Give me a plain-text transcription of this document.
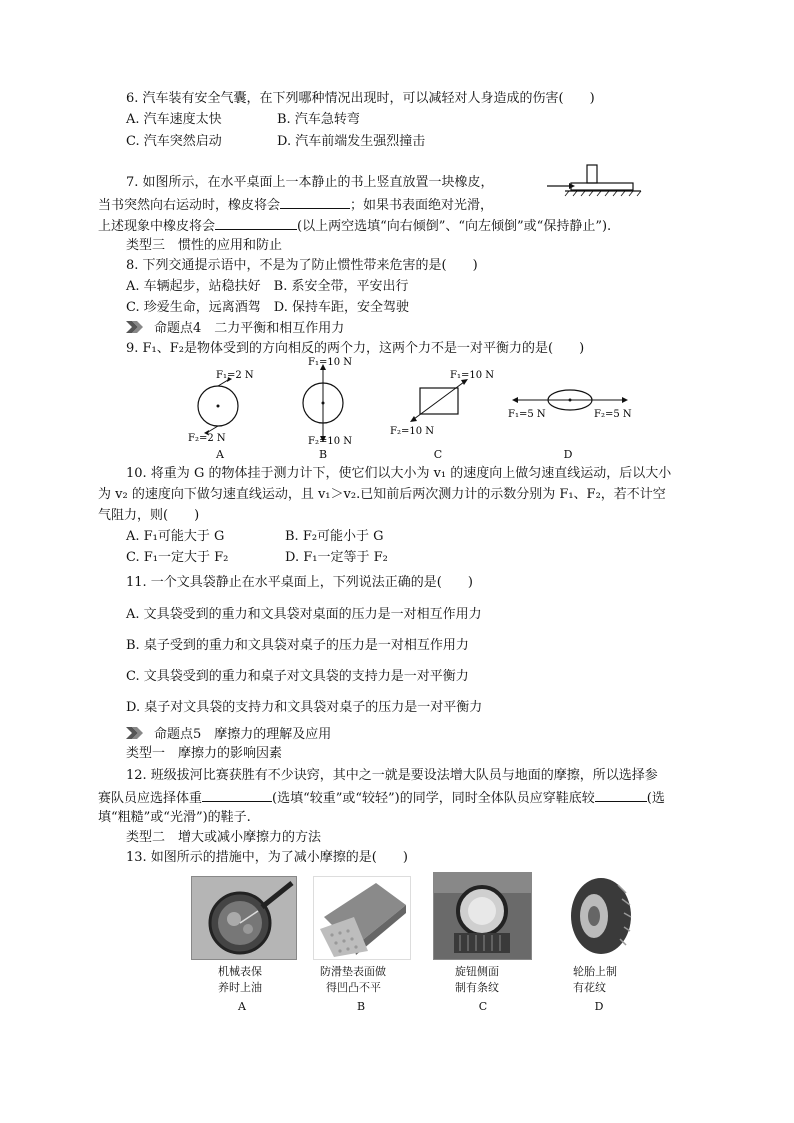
6. 汽车装有安全气囊，在下列哪种情况出现时，可以减轻对人身造成的伤害(　　)
A. 汽车速度太快	B. 汽车急转弯
C. 汽车突然启动	D. 汽车前端发生强烈撞击
7. 如图所示，在水平桌面上一本静止的书上竖直放置一块橡皮，
当书突然向右运动时，橡皮将会	；如果书表面绝对光滑，
上述现象中橡皮将会	(以上两空选填“向右倾倒”、“向左倾倒”或“保持静止”).
类型三　惯性的应用和防止
8. 下列交通提示语中，不是为了防止惯性带来危害的是(　　)
A. 车辆起步，站稳扶好　B. 系安全带，平安出行
C. 珍爱生命，远离酒驾　D. 保持车距，安全驾驶
命题点4　二力平衡和相互作用力
9. F₁、F₂是物体受到的方向相反的两个力，这两个力不是一对平衡力的是(　　)
F₁=2 N
F₂=2 N
A
F₁=10 N
F₂=10 N
B
F₁=10 N
F₂=10 N
C
F₁=5 N	F₂=5 N
D
10. 将重为 G 的物体挂于测力计下，使它们以大小为 v₁ 的速度向上做匀速直线运动，后以大小
为 v₂ 的速度向下做匀速直线运动，且 v₁＞v₂.已知前后两次测力计的示数分别为 F₁、F₂，若不计空
气阻力，则(　　)
A. F₁可能大于 G	B. F₂可能小于 G
C. F₁一定大于 F₂	D. F₁一定等于 F₂
11. 一个文具袋静止在水平桌面上，下列说法正确的是(　　)
A. 文具袋受到的重力和文具袋对桌面的压力是一对相互作用力
B. 桌子受到的重力和文具袋对桌子的压力是一对相互作用力
C. 文具袋受到的重力和桌子对文具袋的支持力是一对平衡力
D. 桌子对文具袋的支持力和文具袋对桌子的压力是一对平衡力
命题点5　摩擦力的理解及应用
类型一　摩擦力的影响因素
12. 班级拔河比赛获胜有不少诀窍，其中之一就是要设法增大队员与地面的摩擦，所以选择参
赛队员应选择体重	(选填“较重”或“较轻”)的同学，同时全体队员应穿鞋底较	(选
填“粗糙”或“光滑”)的鞋子.
类型二　增大或减小摩擦力的方法
13. 如图所示的措施中，为了减小摩擦的是(　　)
机械表保
养时上油
A
防滑垫表面做
得凹凸不平
B
旋钮侧面
制有条纹
C
轮胎上制
有花纹
D
